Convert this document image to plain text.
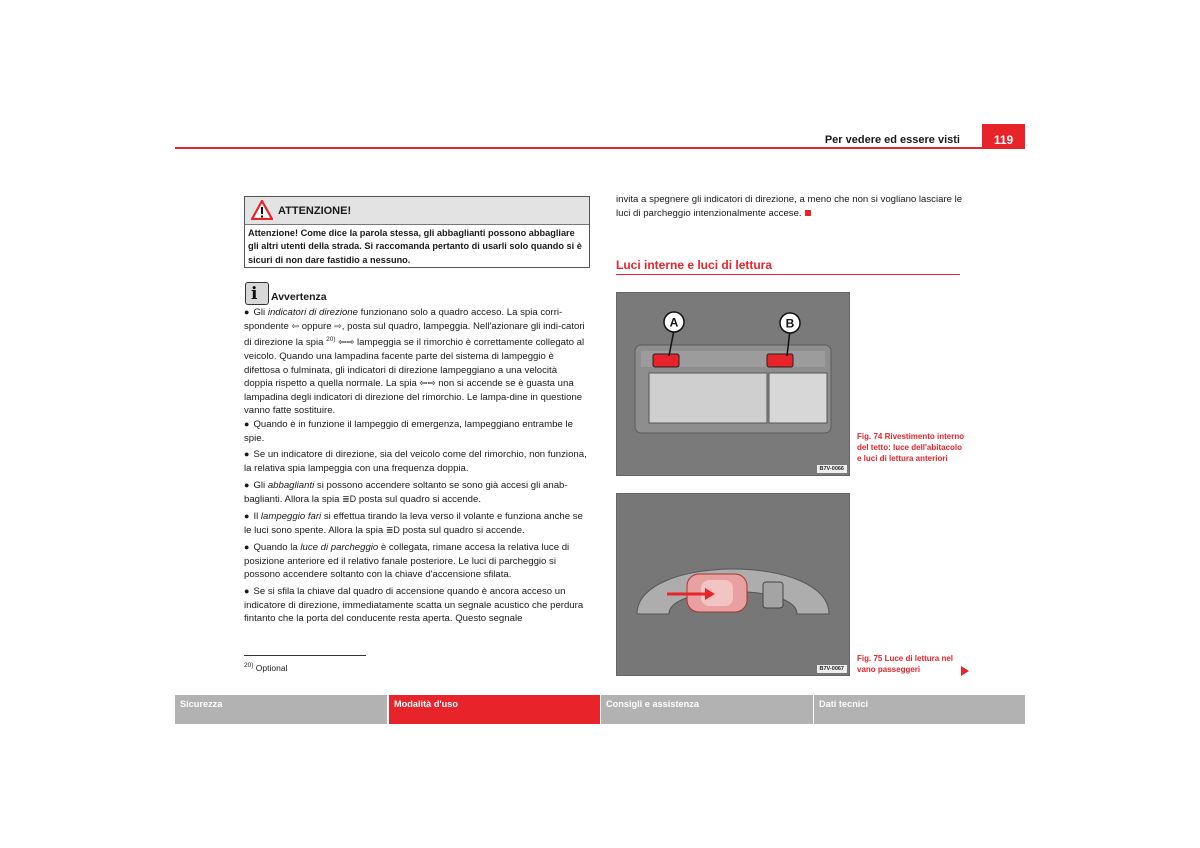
Per vedere ed essere visti	119
ATTENZIONE!
Attenzione! Come dice la parola stessa, gli abbaglianti possono abbagliare gli altri utenti della strada. Si raccomanda pertanto di usarli solo quando si è sicuri di non dare fastidio a nessuno.
i Avvertenza
● Gli indicatori di direzione funzionano solo a quadro acceso. La spia corri-spondente ⇦ oppure ⇨, posta sul quadro, lampeggia. Nell'azionare gli indi-catori di direzione la spia $^{20)}$ ⇦⇨ lampeggia se il rimorchio è correttamente collegato al veicolo. Quando una lampadina facente parte del sistema di lampeggio è difettosa o fulminata, gli indicatori di direzione lampeggiano a una velocità doppia rispetto a quella normale. La spia ⇦⇨ non si accende se è guasta una lampadina degli indicatori di direzione del rimorchio. Le lampa-dine in questione vanno fatte sostituire.
● Quando è in funzione il lampeggio di emergenza, lampeggiano entrambe le spie.
● Se un indicatore di direzione, sia del veicolo come del rimorchio, non funziona, la relativa spia lampeggia con una frequenza doppia.
● Gli abbaglianti si possono accendere soltanto se sono già accesi gli anab-baglianti. Allora la spia ≣D posta sul quadro si accende.
● Il lampeggio fari si effettua tirando la leva verso il volante e funziona anche se le luci sono spente. Allora la spia ≣D posta sul quadro si accende.
● Quando la luce di parcheggio è collegata, rimane accesa la relativa luce di posizione anteriore ed il relativo fanale posteriore. Le luci di parcheggio si possono accendere soltanto con la chiave d'accensione sfilata.
● Se si sfila la chiave dal quadro di accensione quando è ancora acceso un indicatore di direzione, immediatamente scatta un segnale acustico che perdura fintanto che la porta del conducente resta aperta. Questo segnale
$^{20)}$ Optional
invita a spegnere gli indicatori di direzione, a meno che non si vogliano lasciare le luci di parcheggio intenzionalmente accese.
Luci interne e luci di lettura
A	B
B7V-0066
Fig. 74 Rivestimento interno del tetto: luce dell'abitacolo e luci di lettura anteriori
B7V-0067
Fig. 75 Luce di lettura nel vano passeggeri
Sicurezza	Modalità d'uso	Consigli e assistenza	Dati tecnici
